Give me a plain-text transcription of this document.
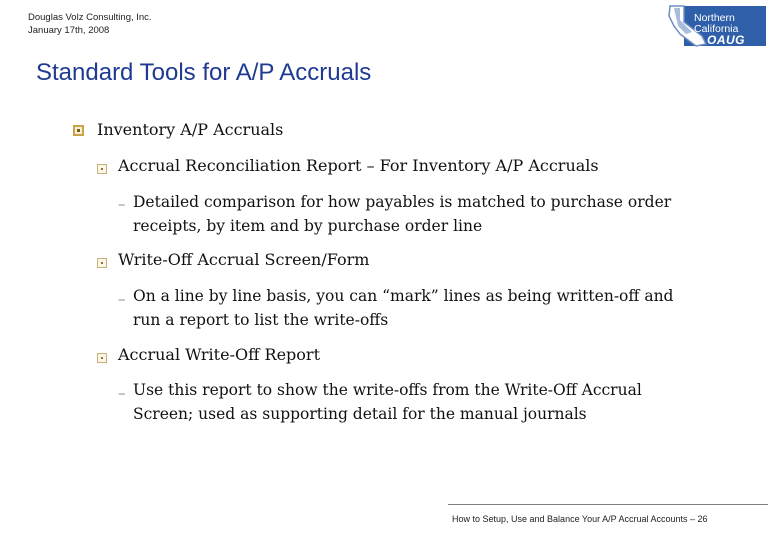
Douglas Volz Consulting, Inc.
January 17th, 2008
Northern
California
OAUG
Standard Tools for A/P Accruals
Inventory A/P Accruals
Accrual Reconciliation Report – For Inventory A/P Accruals
– Detailed comparison for how payables is matched to purchase order
receipts, by item and by purchase order line
Write-Off Accrual Screen/Form
– On a line by line basis, you can “mark” lines as being written-off and
run a report to list the write-offs
Accrual Write-Off Report
– Use this report to show the write-offs from the Write-Off Accrual
Screen; used as supporting detail for the manual journals
How to Setup, Use and Balance Your A/P Accrual Accounts – 26
